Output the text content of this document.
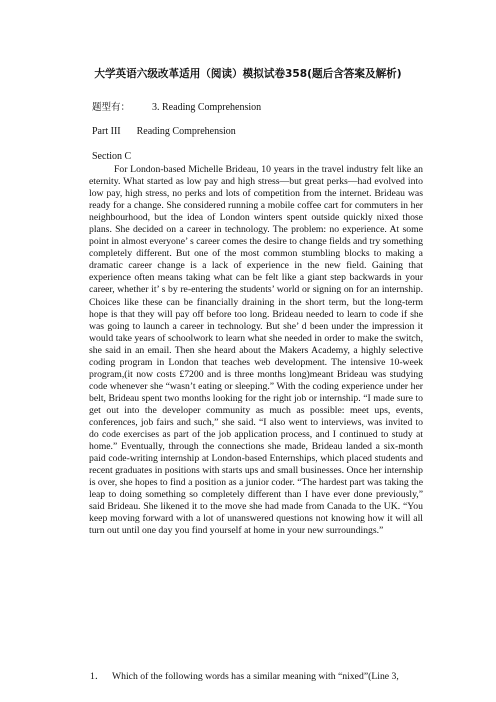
大学英语六级改革适用（阅读）模拟试卷358(题后含答案及解析)
题型有： 3. Reading Comprehension
Part III Reading Comprehension
Section C

For London-based Michelle Brideau, 10 years in the travel industry felt like an eternity. What started as low pay and high stress—but great perks—had evolved into low pay, high stress, no perks and lots of competition from the internet. Brideau was ready for a change. She considered running a mobile coffee cart for commuters in her neighbourhood, but the idea of London winters spent outside quickly nixed those plans. She decided on a career in technology. The problem: no experience. At some point in almost everyone’ s career comes the desire to change fields and try something completely different. But one of the most common stumbling blocks to making a dramatic career change is a lack of experience in the new field. Gaining that experience often means taking what can be felt like a giant step backwards in your career, whether it’ s by re-entering the students’ world or signing on for an internship. Choices like these can be financially draining in the short term, but the long-term hope is that they will pay off before too long. Brideau needed to learn to code if she was going to launch a career in technology. But she’ d been under the impression it would take years of schoolwork to learn what she needed in order to make the switch, she said in an email. Then she heard about the Makers Academy, a highly selective coding program in London that teaches web development. The intensive 10-week program,(it now costs £7200 and is three months long)meant Brideau was studying code whenever she “wasn’t eating or sleeping.” With the coding experience under her belt, Brideau spent two months looking for the right job or internship. “I made sure to get out into the developer community as much as possible: meet ups, events, conferences, job fairs and such,” she said. “I also went to interviews, was invited to do code exercises as part of the job application process, and I continued to study at home.” Eventually, through the connections she made, Brideau landed a six-month paid code-writing internship at London-based Enternships, which placed students and recent graduates in positions with starts ups and small businesses. Once her internship is over, she hopes to find a position as a junior coder. “The hardest part was taking the leap to doing something so completely different than I have ever done previously,” said Brideau. She likened it to the move she had made from Canada to the UK. “You keep moving forward with a lot of unanswered questions not knowing how it will all turn out until one day you find yourself at home in your new surroundings.”

1． Which of the following words has a similar meaning with “nixed”(Line 3,
